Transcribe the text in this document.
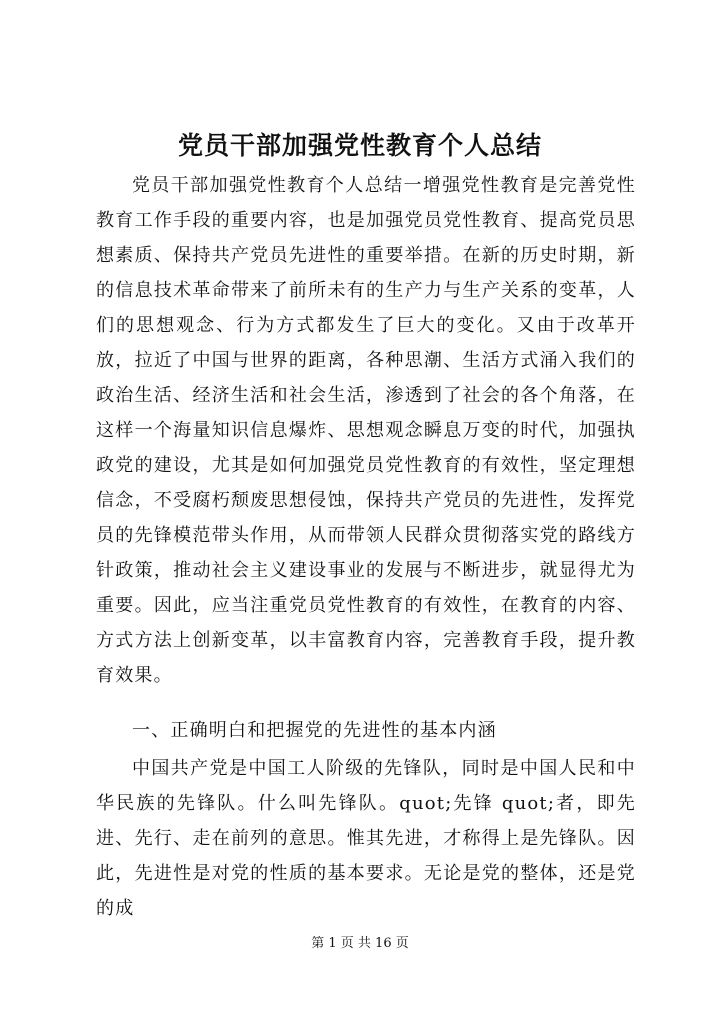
党员干部加强党性教育个人总结

党员干部加强党性教育个人总结一增强党性教育是完善党性教育工作手段的重要内容，也是加强党员党性教育、提高党员思想素质、保持共产党员先进性的重要举措。在新的历史时期，新的信息技术革命带来了前所未有的生产力与生产关系的变革，人们的思想观念、行为方式都发生了巨大的变化。又由于改革开放，拉近了中国与世界的距离，各种思潮、生活方式涌入我们的政治生活、经济生活和社会生活，渗透到了社会的各个角落，在这样一个海量知识信息爆炸、思想观念瞬息万变的时代，加强执政党的建设，尤其是如何加强党员党性教育的有效性，坚定理想信念，不受腐朽颓废思想侵蚀，保持共产党员的先进性，发挥党员的先锋模范带头作用，从而带领人民群众贯彻落实党的路线方针政策，推动社会主义建设事业的发展与不断进步，就显得尤为重要。因此，应当注重党员党性教育的有效性，在教育的内容、方式方法上创新变革，以丰富教育内容，完善教育手段，提升教育效果。

一、正确明白和把握党的先进性的基本内涵

中国共产党是中国工人阶级的先锋队，同时是中国人民和中华民族的先锋队。什么叫先锋队。quot;先锋 quot;者，即先进、先行、走在前列的意思。惟其先进，才称得上是先锋队。因此，先进性是对党的性质的基本要求。无论是党的整体，还是党的成

第 1 页 共 16 页
